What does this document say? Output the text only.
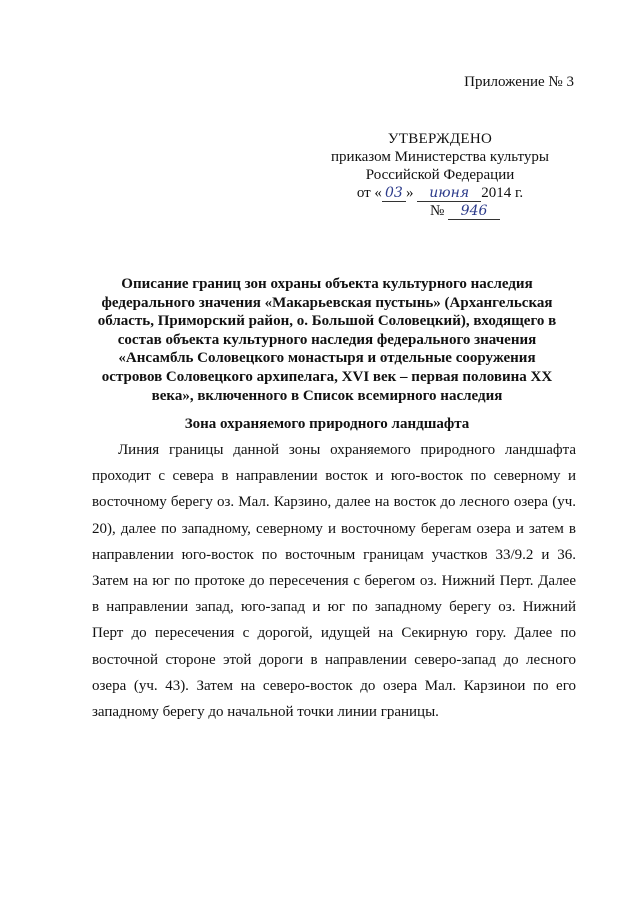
Приложение № 3
УТВЕРЖДЕНО
приказом Министерства культуры
Российской Федерации
от « 03 » июня 2014 г.
№ 946
Описание границ зон охраны объекта культурного наследия федерального значения «Макарьевская пустынь» (Архангельская область, Приморский район, о. Большой Соловецкий), входящего в состав объекта культурного наследия федерального значения «Ансамбль Соловецкого монастыря и отдельные сооружения островов Соловецкого архипелага, XVI век – первая половина XX века», включенного в Список всемирного наследия
Зона охраняемого природного ландшафта

Линия границы данной зоны охраняемого природного ландшафта проходит с севера в направлении восток и юго-восток по северному и восточному берегу оз. Мал. Карзино, далее на восток до лесного озера (уч. 20), далее по западному, северному и восточному берегам озера и затем в направлении юго-восток по восточным границам участков 33/9.2 и 36. Затем на юг по протоке до пересечения с берегом оз. Нижний Перт. Далее в направлении запад, юго-запад и юг по западному берегу оз. Нижний Перт до пересечения с дорогой, идущей на Секирную гору. Далее по восточной стороне этой дороги в направлении северо-запад до лесного озера (уч. 43). Затем на северо-восток до озера Мал. Карзинои по его западному берегу до начальной точки линии границы.
